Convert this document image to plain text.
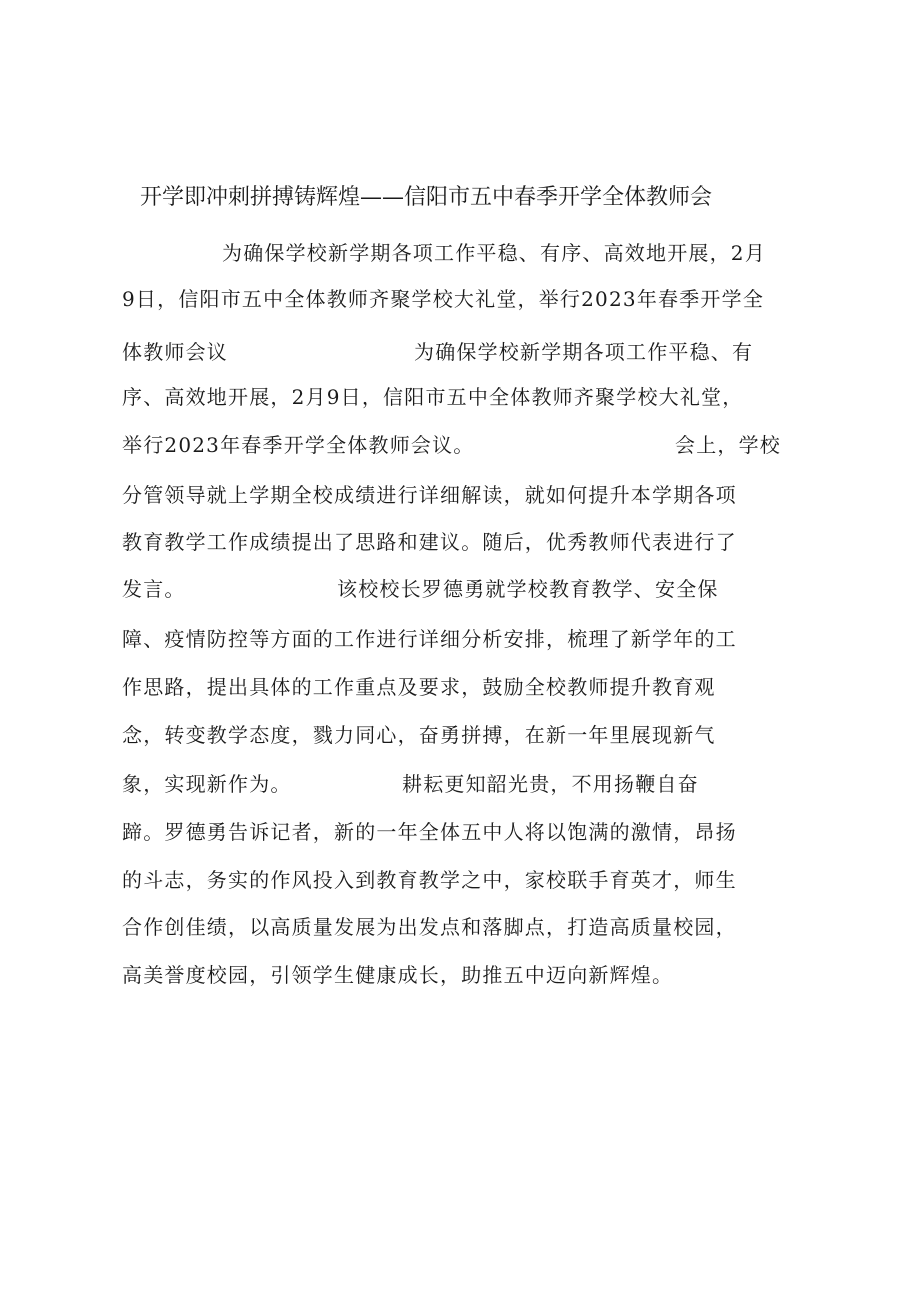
开学即冲刺拼搏铸辉煌——信阳市五中春季开学全体教师会
为确保学校新学期各项工作平稳、有序、高效地开展，2月
9日，信阳市五中全体教师齐聚学校大礼堂，举行2023年春季开学全
体教师会议	为确保学校新学期各项工作平稳、有
序、高效地开展，2月9日，信阳市五中全体教师齐聚学校大礼堂，
举行2023年春季开学全体教师会议。	会上，学校
分管领导就上学期全校成绩进行详细解读，就如何提升本学期各项
教育教学工作成绩提出了思路和建议。随后，优秀教师代表进行了
发言。	该校校长罗德勇就学校教育教学、安全保
障、疫情防控等方面的工作进行详细分析安排，梳理了新学年的工
作思路，提出具体的工作重点及要求，鼓励全校教师提升教育观
念，转变教学态度，戮力同心，奋勇拼搏，在新一年里展现新气
象，实现新作为。	耕耘更知韶光贵，不用扬鞭自奋
蹄。罗德勇告诉记者，新的一年全体五中人将以饱满的激情，昂扬
的斗志，务实的作风投入到教育教学之中，家校联手育英才，师生
合作创佳绩，以高质量发展为出发点和落脚点，打造高质量校园，
高美誉度校园，引领学生健康成长，助推五中迈向新辉煌。
